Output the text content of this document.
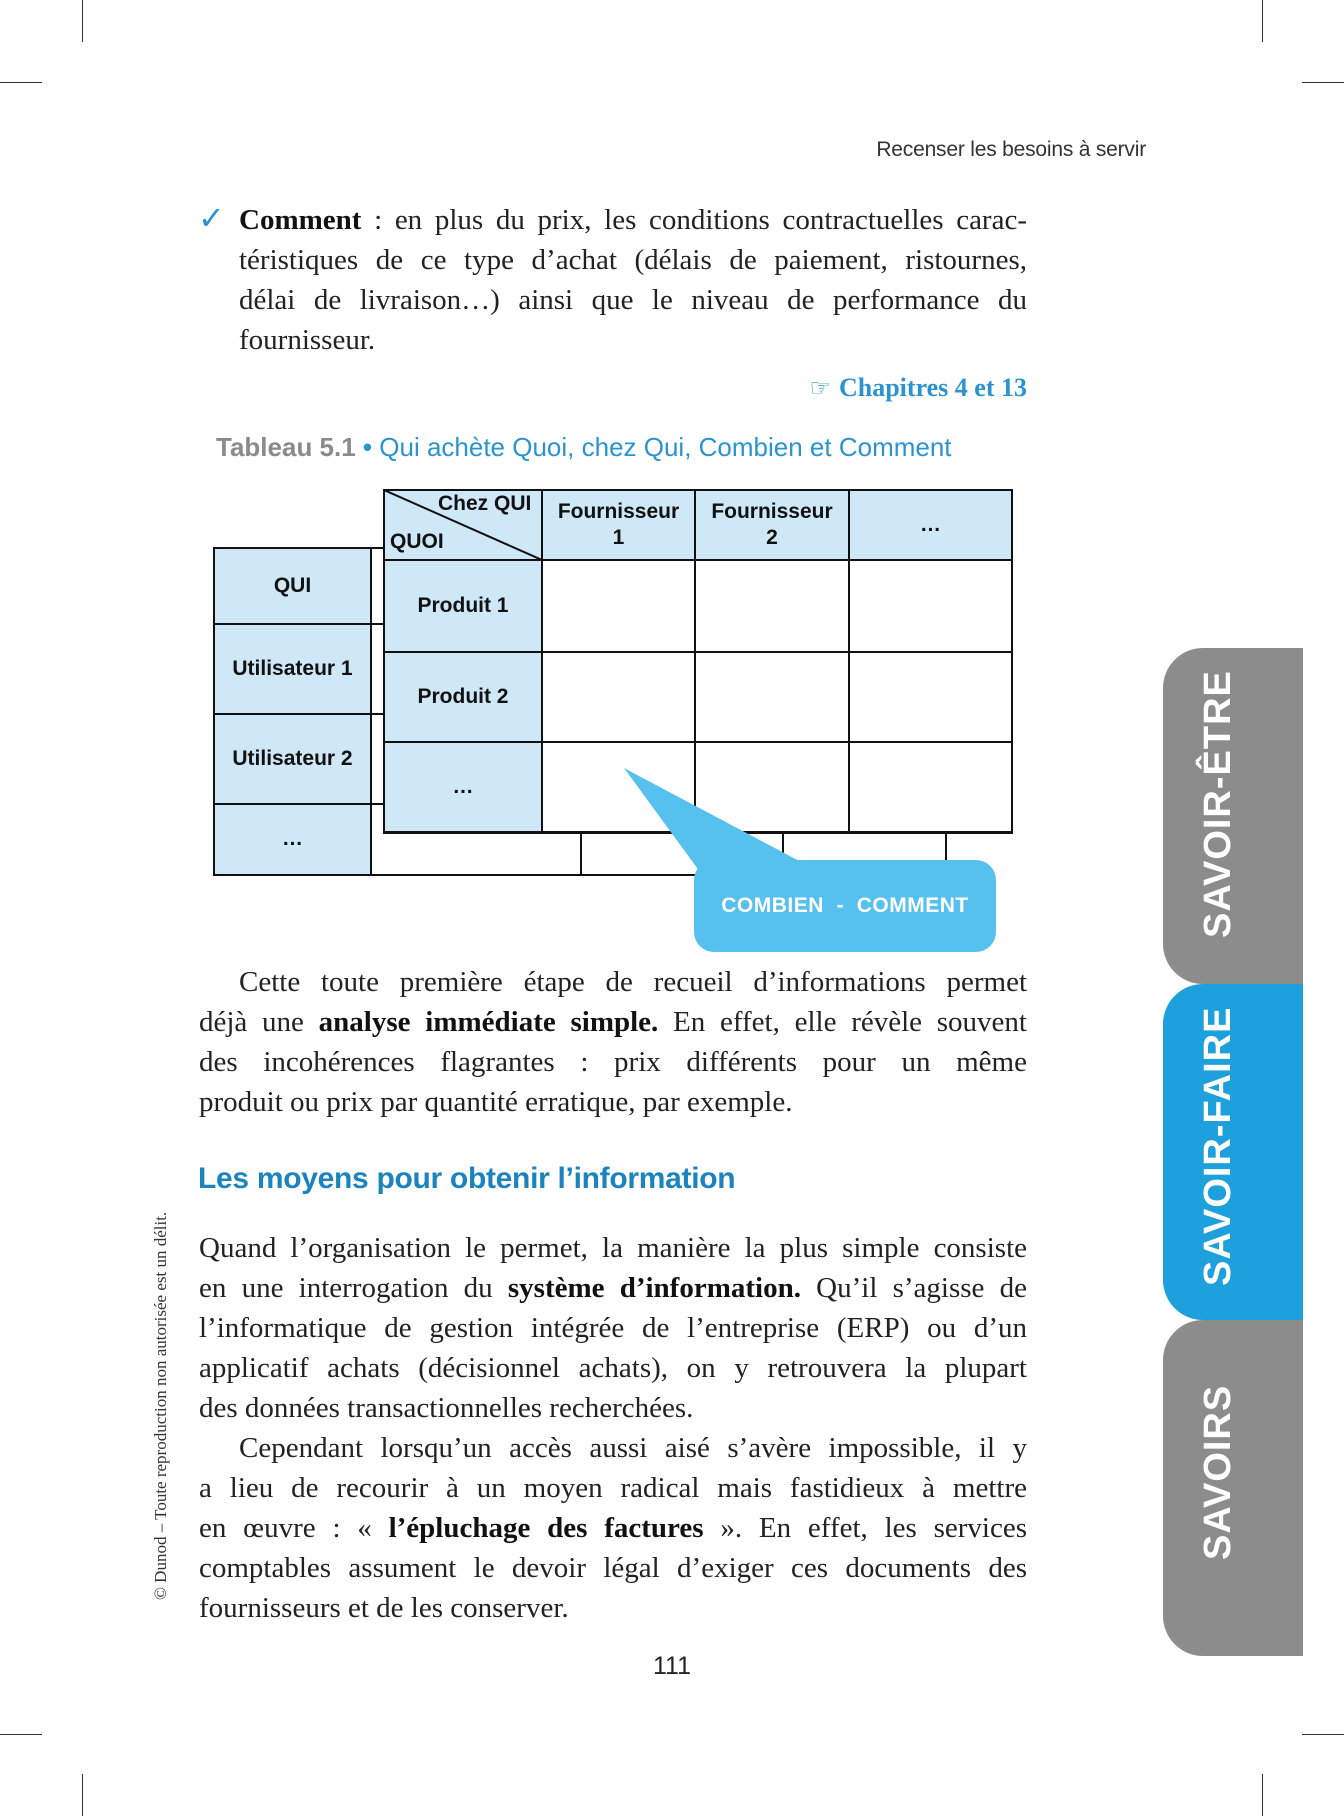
Recenser les besoins à servir
✓ Comment : en plus du prix, les conditions contractuelles carac-
téristiques de ce type d’achat (délais de paiement, ristournes,
délai de livraison…) ainsi que le niveau de performance du
fournisseur.
☞ Chapitres 4 et 13
Tableau 5.1 • Qui achète Quoi, chez Qui, Combien et Comment
QUI
Utilisateur 1
Utilisateur 2
…
Chez QUI
QUOI
Fournisseur
1
Fournisseur
2
…
Produit 1
Produit 2
…
COMBIEN  -  COMMENT
Cette toute première étape de recueil d’informations permet
déjà une analyse immédiate simple. En effet, elle révèle souvent
des incohérences flagrantes : prix différents pour un même
produit ou prix par quantité erratique, par exemple.
Les moyens pour obtenir l’information
Quand l’organisation le permet, la manière la plus simple consiste
en une interrogation du système d’information. Qu’il s’agisse de
l’informatique de gestion intégrée de l’entreprise (ERP) ou d’un
applicatif achats (décisionnel achats), on y retrouvera la plupart
des données transactionnelles recherchées.
Cependant lorsqu’un accès aussi aisé s’avère impossible, il y
a lieu de recourir à un moyen radical mais fastidieux à mettre
en œuvre : « l’épluchage des factures ». En effet, les services
comptables assument le devoir légal d’exiger ces documents des
fournisseurs et de les conserver.
111
© Dunod – Toute reproduction non autorisée est un délit.
SAVOIR-ÊTRE
SAVOIR-FAIRE
SAVOIRS
